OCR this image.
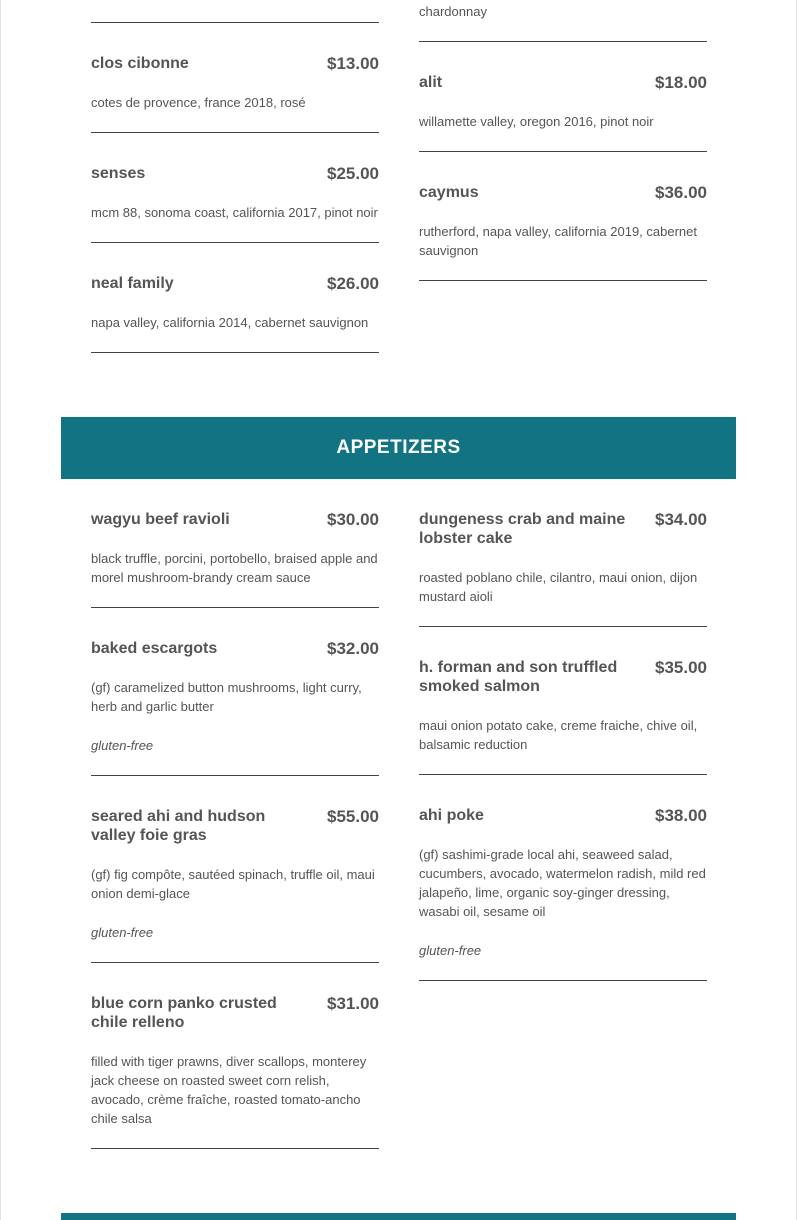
clos cibonne	$13.00
cotes de provence, france 2018, rosé
senses	$25.00
mcm 88, sonoma coast, california 2017, pinot noir
neal family	$26.00
napa valley, california 2014, cabernet sauvignon
chardonnay
alit	$18.00
willamette valley, oregon 2016, pinot noir
caymus	$36.00
rutherford, napa valley, california 2019, cabernet sauvignon
APPETIZERS
wagyu beef ravioli	$30.00
black truffle, porcini, portobello, braised apple and morel mushroom-brandy cream sauce
baked escargots	$32.00
(gf) caramelized button mushrooms, light curry, herb and garlic butter
gluten-free
seared ahi and hudson valley foie gras
$55.00
(gf) fig compôte, sautéed spinach, truffle oil, maui onion demi-glace
gluten-free
blue corn panko crusted chile relleno
$31.00
filled with tiger prawns, diver scallops, monterey jack cheese on roasted sweet corn relish, avocado, crème fraîche, roasted tomato-ancho chile salsa
dungeness crab and maine lobster cake
$34.00
roasted poblano chile, cilantro, maui onion, dijon mustard aioli
h. forman and son truffled smoked salmon
$35.00
maui onion potato cake, creme fraiche, chive oil, balsamic reduction
ahi poke	$38.00
(gf) sashimi-grade local ahi, seaweed salad, cucumbers, avocado, watermelon radish, mild red jalapeño, lime, organic soy-ginger dressing, wasabi oil, sesame oil
gluten-free
